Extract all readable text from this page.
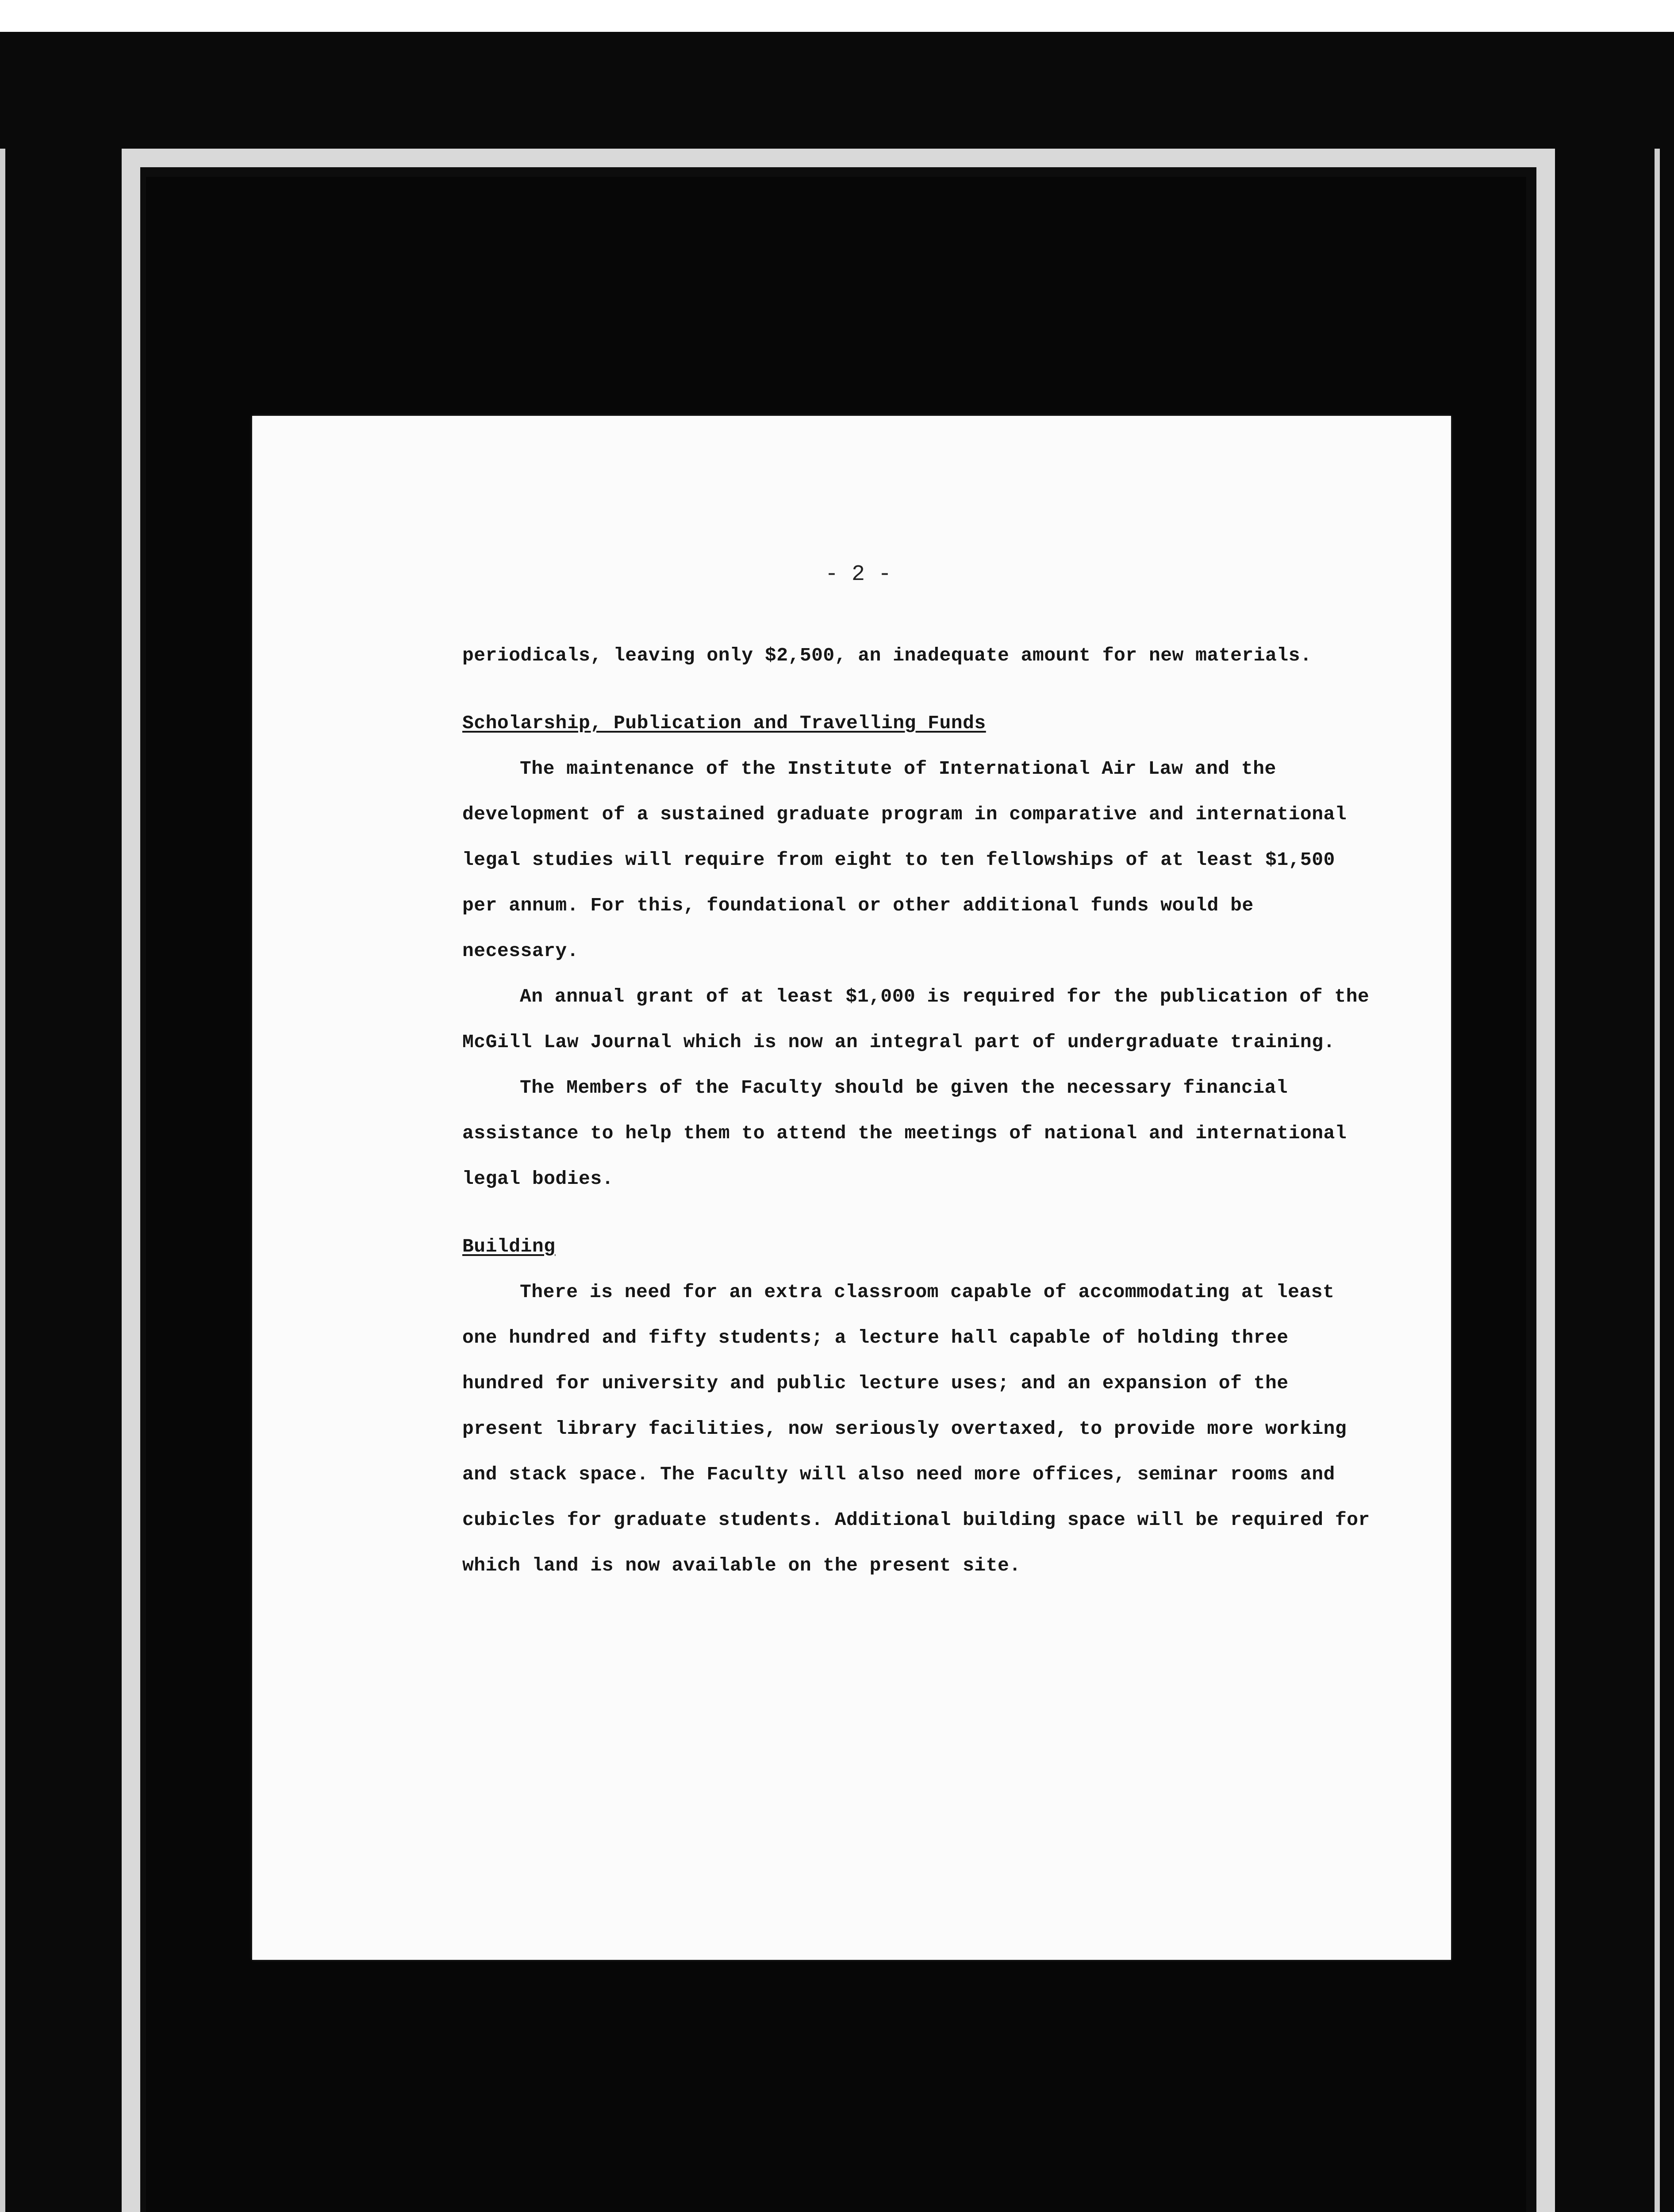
- 2 -

periodicals, leaving only $2,500, an inadequate amount for new materials.

Scholarship, Publication and Travelling Funds

The maintenance of the Institute of International Air Law and the development of a sustained graduate program in comparative and international legal studies will require from eight to ten fellowships of at least $1,500 per annum. For this, foundational or other additional funds would be necessary.

An annual grant of at least $1,000 is required for the publication of the McGill Law Journal which is now an integral part of undergraduate training.

The Members of the Faculty should be given the necessary financial assistance to help them to attend the meetings of national and international legal bodies.

Building

There is need for an extra classroom capable of accommodating at least one hundred and fifty students; a lecture hall capable of holding three hundred for university and public lecture uses; and an expansion of the present library facilities, now seriously overtaxed, to provide more working and stack space. The Faculty will also need more offices, seminar rooms and cubicles for graduate students. Additional building space will be required for which land is now available on the present site.
